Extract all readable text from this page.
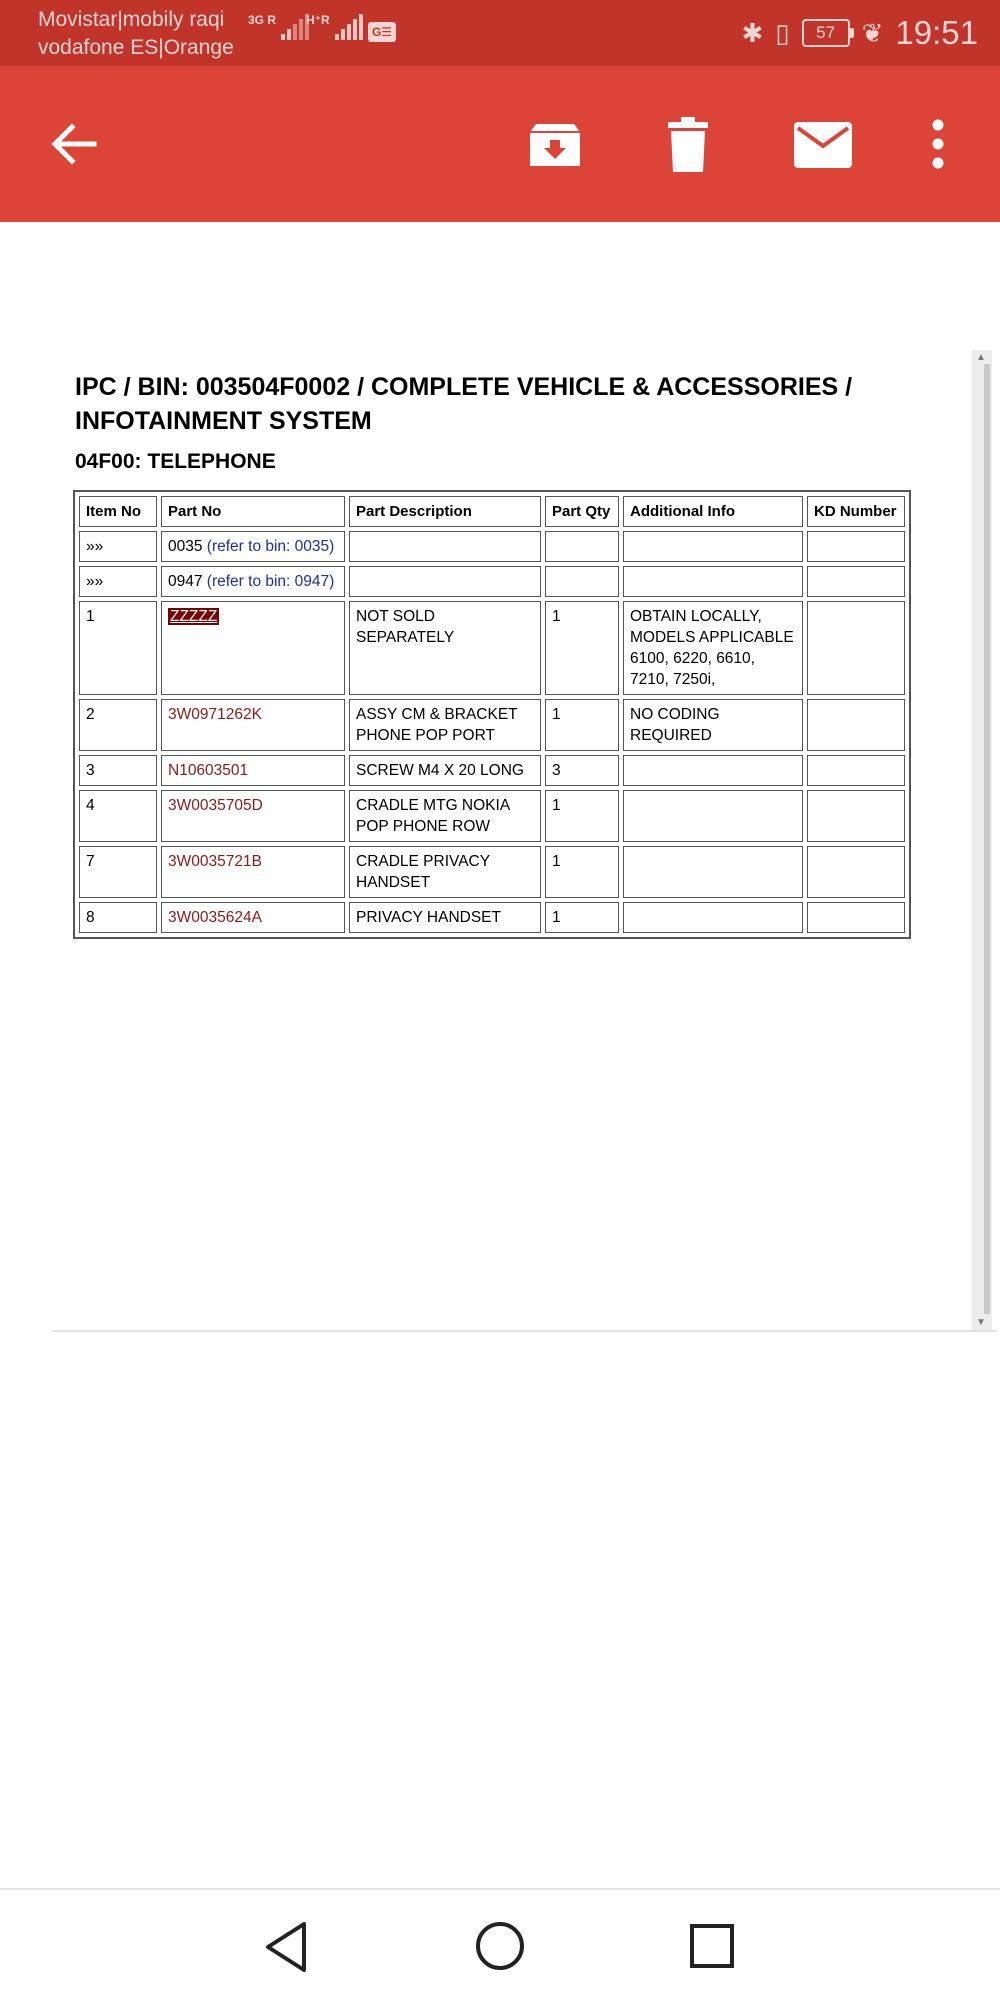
Movistar|mobily raqi
vodafone ES|Orange
3G R H⁺R
G☰	✱ ▯	57	❦ 19:51
IPC / BIN: 003504F0002 / COMPLETE VEHICLE & ACCESSORIES / INFOTAINMENT SYSTEM
04F00: TELEPHONE
Item No	Part No	Part Description	Part Qty	Additional Info	KD Number
»»	0035 (refer to bin: 0035)				
»»	0947 (refer to bin: 0947)				
1	ZZZZZ	NOT SOLD SEPARATELY	1	OBTAIN LOCALLY, MODELS APPLICABLE 6100, 6220, 6610, 7210, 7250i,	
2	3W0971262K	ASSY CM & BRACKET PHONE POP PORT	1	NO CODING REQUIRED	
3	N10603501	SCREW M4 X 20 LONG	3		
4	3W0035705D	CRADLE MTG NOKIA POP PHONE ROW	1		
7	3W0035721B	CRADLE PRIVACY HANDSET	1		
8	3W0035624A	PRIVACY HANDSET	1		
▲
▼
